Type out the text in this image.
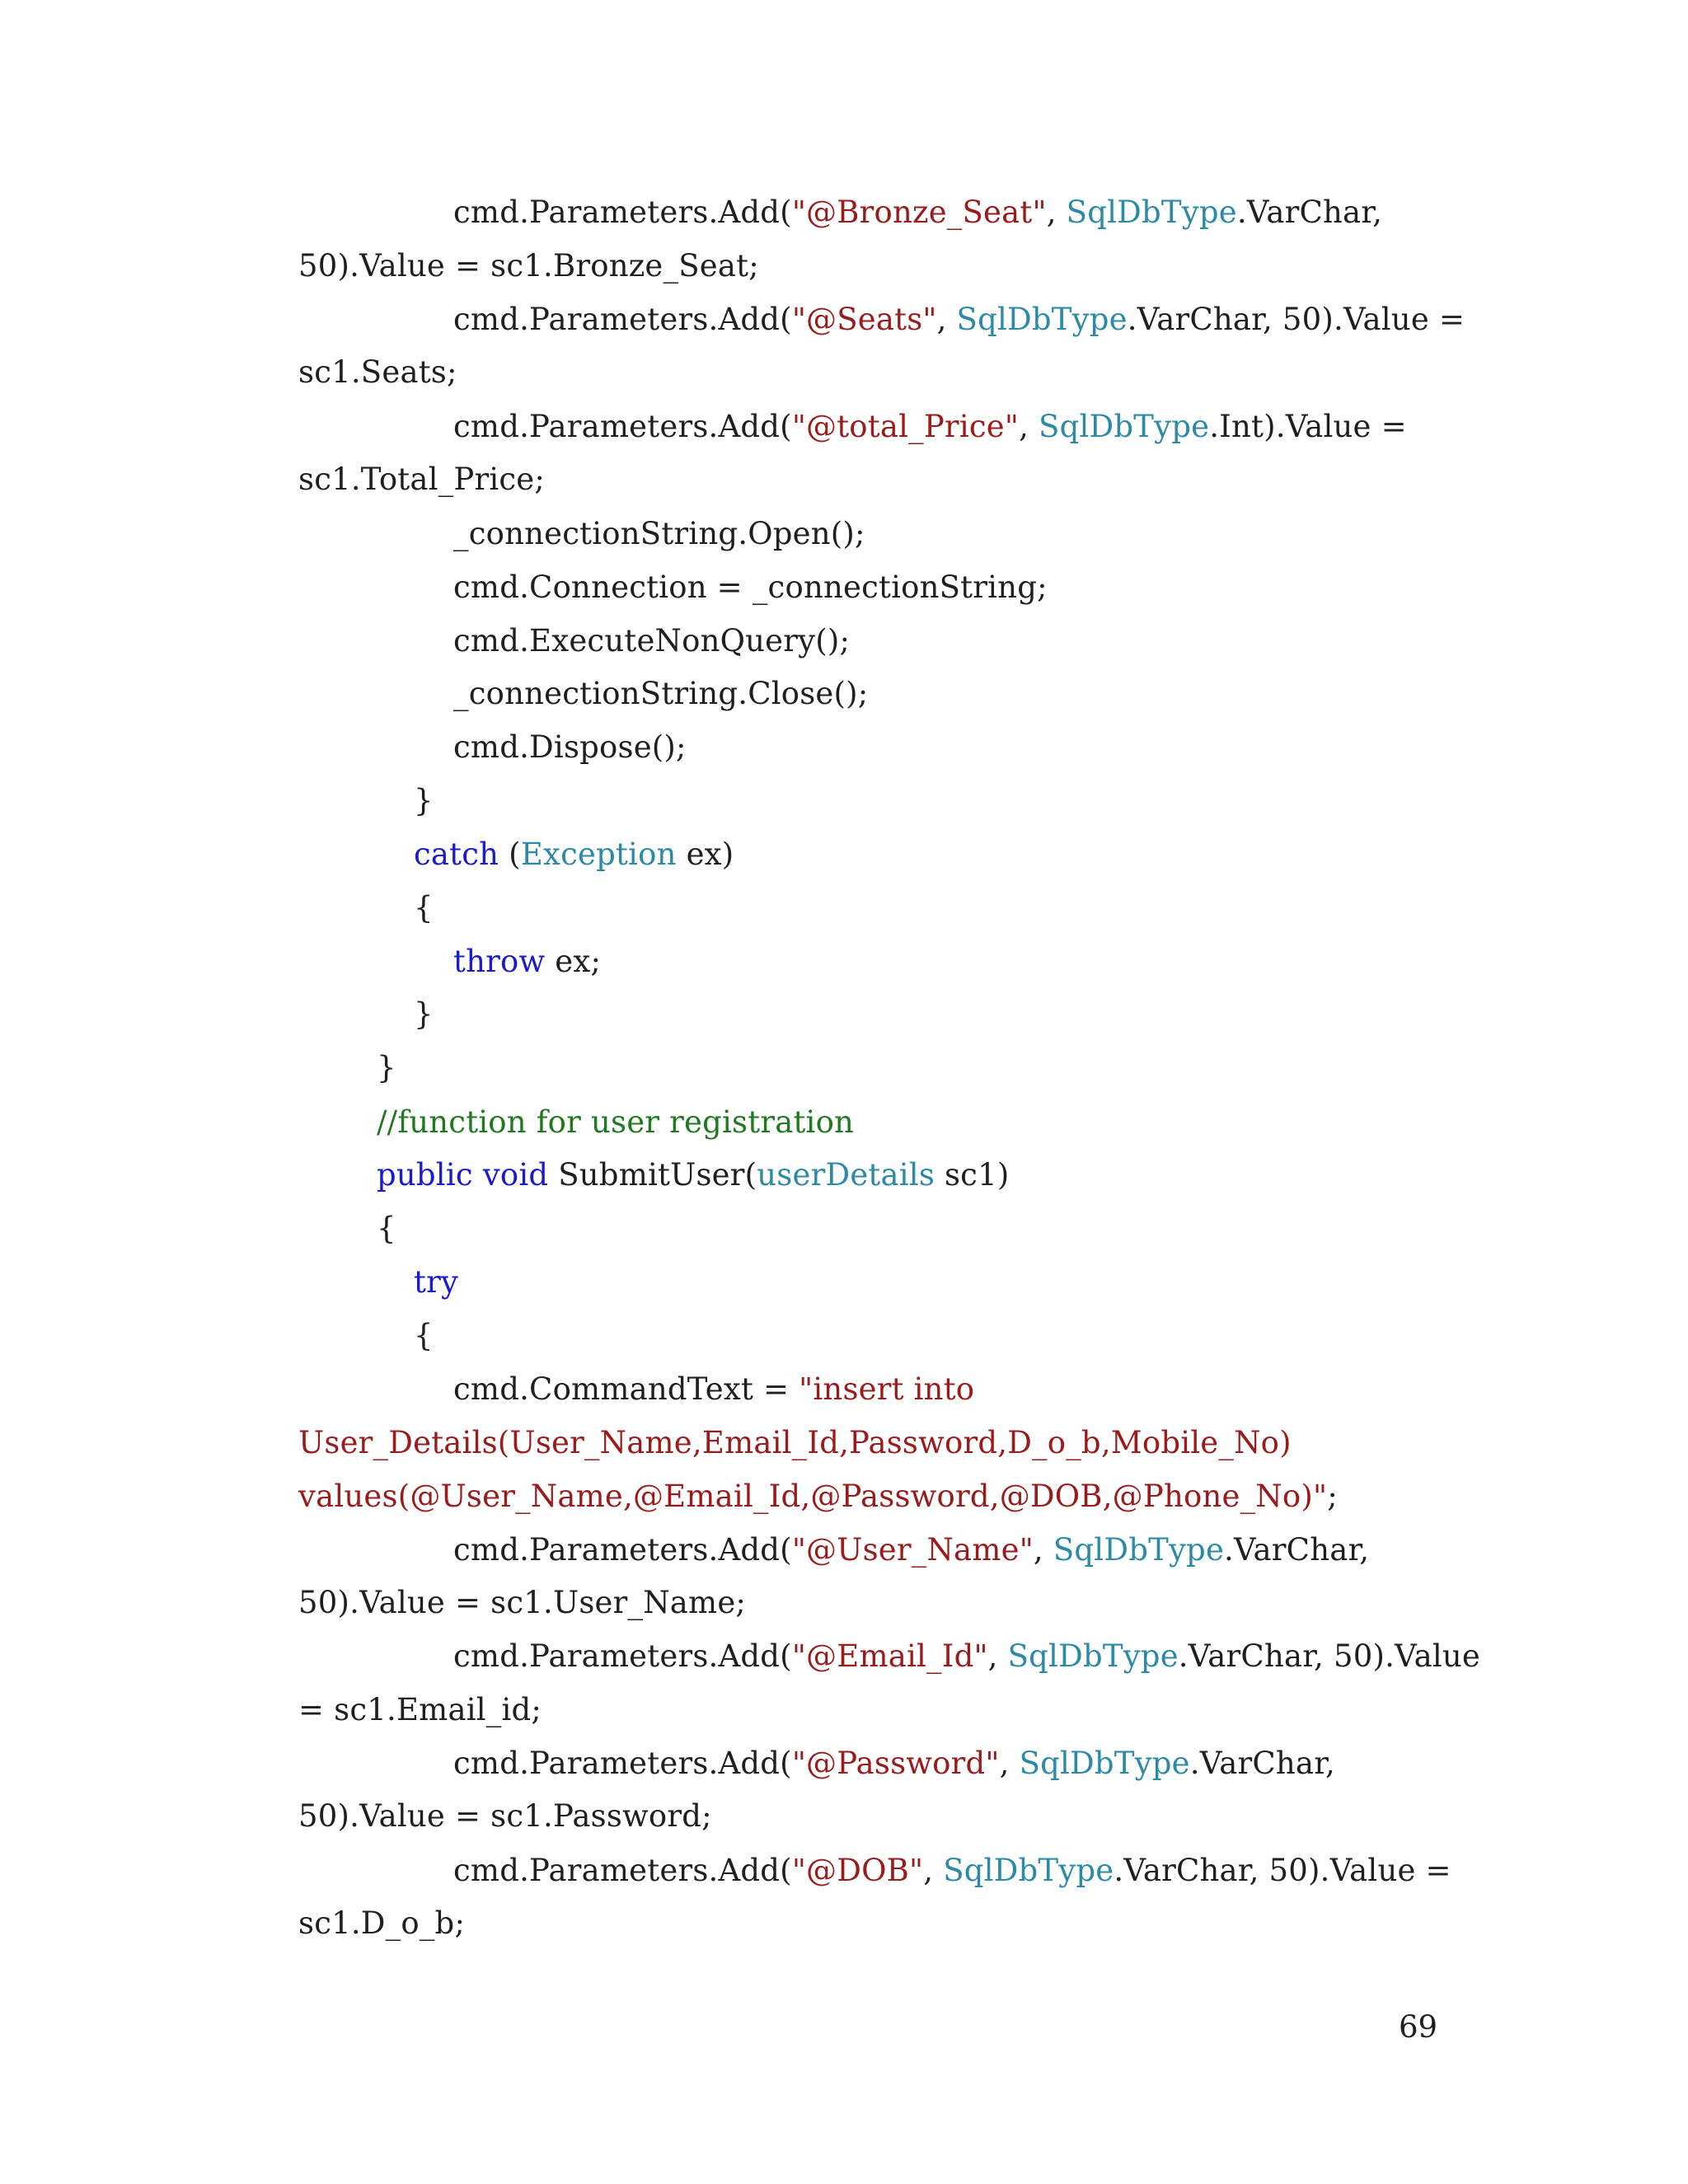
cmd.Parameters.Add("@Bronze_Seat", SqlDbType.VarChar,
50).Value = sc1.Bronze_Seat;
cmd.Parameters.Add("@Seats", SqlDbType.VarChar, 50).Value =
sc1.Seats;
cmd.Parameters.Add("@total_Price", SqlDbType.Int).Value =
sc1.Total_Price;
_connectionString.Open();
cmd.Connection = _connectionString;
cmd.ExecuteNonQuery();
_connectionString.Close();
cmd.Dispose();
}
catch (Exception ex)
{
throw ex;
}
}
//function for user registration
public void SubmitUser(userDetails sc1)
{
try
{
cmd.CommandText = "insert into
User_Details(User_Name,Email_Id,Password,D_o_b,Mobile_No)
values(@User_Name,@Email_Id,@Password,@DOB,@Phone_No)";
cmd.Parameters.Add("@User_Name", SqlDbType.VarChar,
50).Value = sc1.User_Name;
cmd.Parameters.Add("@Email_Id", SqlDbType.VarChar, 50).Value
= sc1.Email_id;
cmd.Parameters.Add("@Password", SqlDbType.VarChar,
50).Value = sc1.Password;
cmd.Parameters.Add("@DOB", SqlDbType.VarChar, 50).Value =
sc1.D_o_b;
69
